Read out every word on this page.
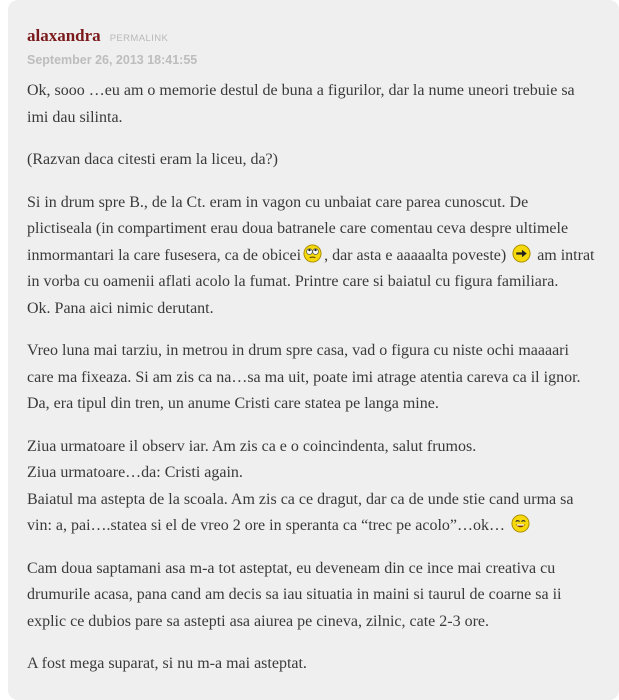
alaxandra PERMALINK
September 26, 2013 18:41:55

Ok, sooo …eu am o memorie destul de buna a figurilor, dar la nume uneori trebuie sa imi dau silinta.

(Razvan daca citesti eram la liceu, da?)

Si in drum spre B., de la Ct. eram in vagon cu unbaiat care parea cunoscut. De plictiseala (in compartiment erau doua batranele care comentau ceva despre ultimele inmormantari la care fusesera, ca de obicei , dar asta e aaaaalta poveste) am intrat in vorba cu oamenii aflati acolo la fumat. Printre care si baiatul cu figura familiara.
Ok. Pana aici nimic derutant.

Vreo luna mai tarziu, in metrou in drum spre casa, vad o figura cu niste ochi maaaari care ma fixeaza. Si am zis ca na…sa ma uit, poate imi atrage atentia careva ca il ignor. Da, era tipul din tren, un anume Cristi care statea pe langa mine.

Ziua urmatoare il observ iar. Am zis ca e o coincindenta, salut frumos.
Ziua urmatoare…da: Cristi again.
Baiatul ma astepta de la scoala. Am zis ca ce dragut, dar ca de unde stie cand urma sa vin: a, pai….statea si el de vreo 2 ore in speranta ca “trec pe acolo”…ok…

Cam doua saptamani asa m-a tot asteptat, eu deveneam din ce ince mai creativa cu drumurile acasa, pana cand am decis sa iau situatia in maini si taurul de coarne sa ii explic ce dubios pare sa astepti asa aiurea pe cineva, zilnic, cate 2-3 ore.

A fost mega suparat, si nu m-a mai asteptat.
